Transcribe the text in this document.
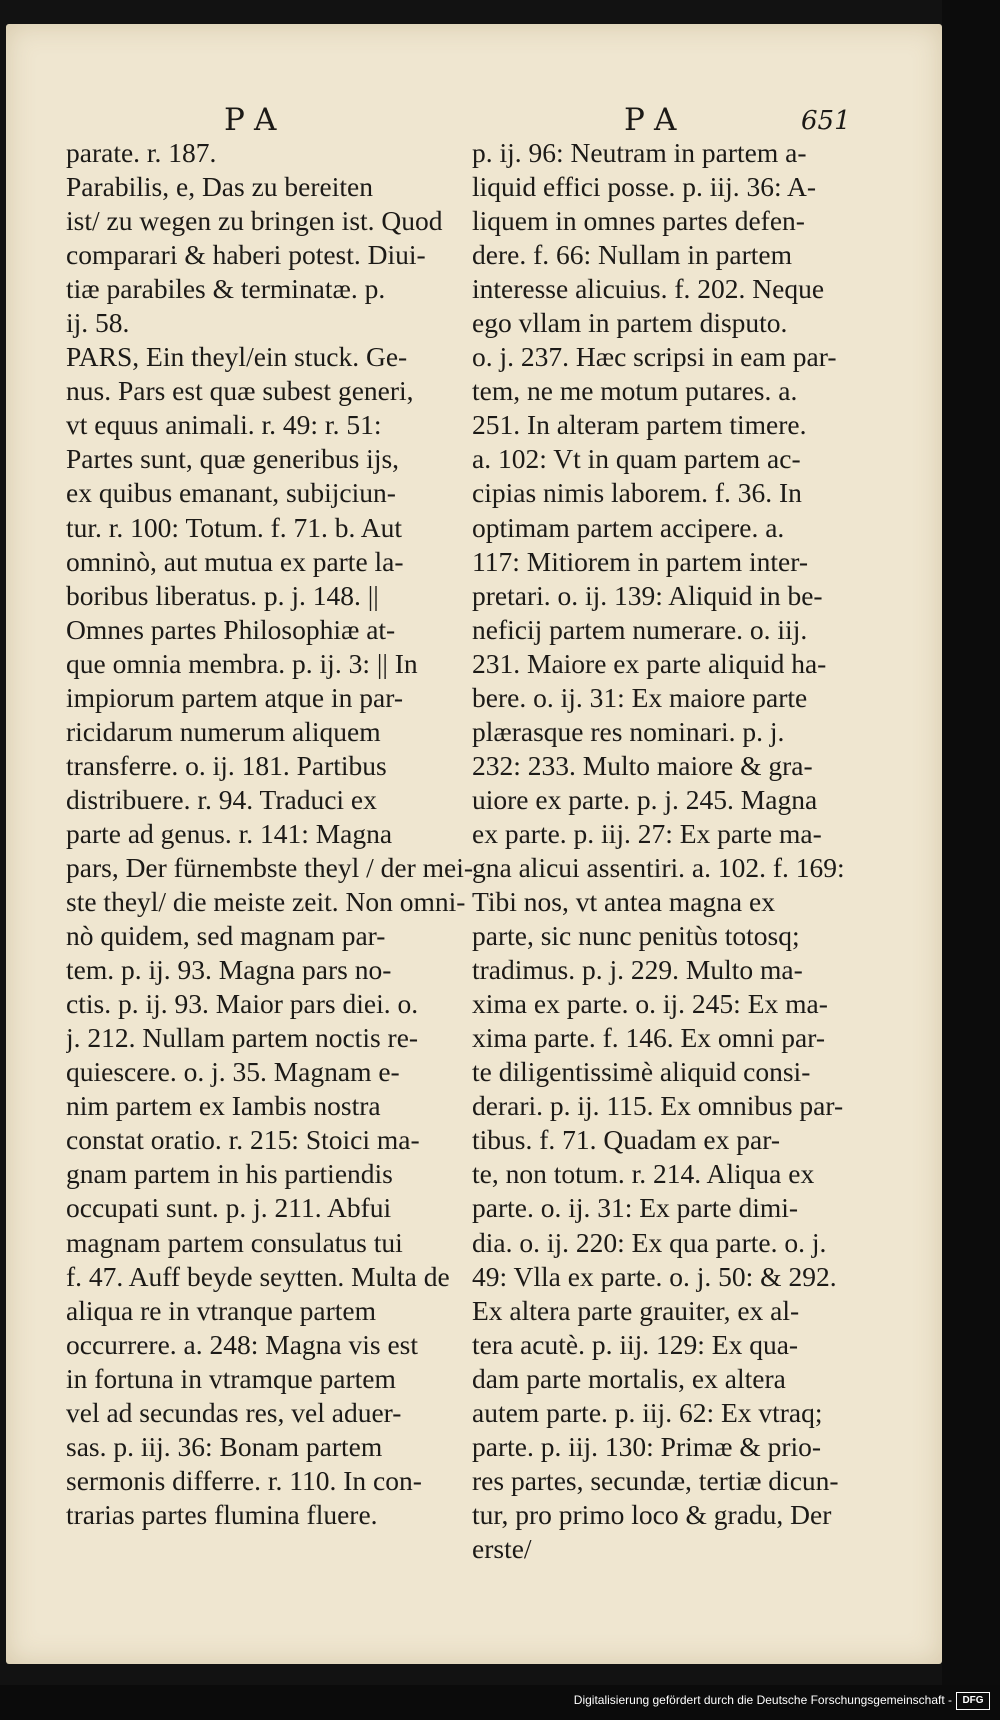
PA	PA	651
parate. r. 187.
Parabilis, e, Das zu bereiten
ist/ zu wegen zu bringen ist. Quod
comparari & haberi potest. Diui-
tiæ parabiles & terminatæ. p.
ij. 58.
PARS, Ein theyl/ein stuck. Ge-
nus. Pars est quæ subest generi,
vt equus animali. r. 49: r. 51:
Partes sunt, quæ generibus ijs,
ex quibus emanant, subijciun-
tur. r. 100: Totum. f. 71. b. Aut
omninò, aut mutua ex parte la-
boribus liberatus. p. j. 148. ||
Omnes partes Philosophiæ at-
que omnia membra. p. ij. 3: || In
impiorum partem atque in par-
ricidarum numerum aliquem
transferre. o. ij. 181. Partibus
distribuere. r. 94. Traduci ex
parte ad genus. r. 141: Magna
pars, Der fürnembste theyl / der mei-
ste theyl/ die meiste zeit. Non omni-
nò quidem, sed magnam par-
tem. p. ij. 93. Magna pars no-
ctis. p. ij. 93. Maior pars diei. o.
j. 212. Nullam partem noctis re-
quiescere. o. j. 35. Magnam e-
nim partem ex Iambis nostra
constat oratio. r. 215: Stoici ma-
gnam partem in his partiendis
occupati sunt. p. j. 211. Abfui
magnam partem consulatus tui
f. 47. Auff beyde seytten. Multa de
aliqua re in vtranque partem
occurrere. a. 248: Magna vis est
in fortuna in vtramque partem
vel ad secundas res, vel aduer-
sas. p. iij. 36: Bonam partem
sermonis differre. r. 110. In con-
trarias partes flumina fluere.
p. ij. 96: Neutram in partem a-
liquid effici posse. p. iij. 36: A-
liquem in omnes partes defen-
dere. f. 66: Nullam in partem
interesse alicuius. f. 202. Neque
ego vllam in partem disputo.
o. j. 237. Hæc scripsi in eam par-
tem, ne me motum putares. a.
251. In alteram partem timere.
a. 102: Vt in quam partem ac-
cipias nimis laborem. f. 36. In
optimam partem accipere. a.
117: Mitiorem in partem inter-
pretari. o. ij. 139: Aliquid in be-
neficij partem numerare. o. iij.
231. Maiore ex parte aliquid ha-
bere. o. ij. 31: Ex maiore parte
plærasque res nominari. p. j.
232: 233. Multo maiore & gra-
uiore ex parte. p. j. 245. Magna
ex parte. p. iij. 27: Ex parte ma-
gna alicui assentiri. a. 102. f. 169:
Tibi nos, vt antea magna ex
parte, sic nunc penitùs totosq;
tradimus. p. j. 229. Multo ma-
xima ex parte. o. ij. 245: Ex ma-
xima parte. f. 146. Ex omni par-
te diligentissimè aliquid consi-
derari. p. ij. 115. Ex omnibus par-
tibus. f. 71. Quadam ex par-
te, non totum. r. 214. Aliqua ex
parte. o. ij. 31: Ex parte dimi-
dia. o. ij. 220: Ex qua parte. o. j.
49: Vlla ex parte. o. j. 50: & 292.
Ex altera parte grauiter, ex al-
tera acutè. p. iij. 129: Ex qua-
dam parte mortalis, ex altera
autem parte. p. iij. 62: Ex vtraq;
parte. p. iij. 130: Primæ & prio-
res partes, secundæ, tertiæ dicun-
tur, pro primo loco & gradu, Der
erste/
Digitalisierung gefördert durch die Deutsche Forschungsgemeinschaft -	DFG
